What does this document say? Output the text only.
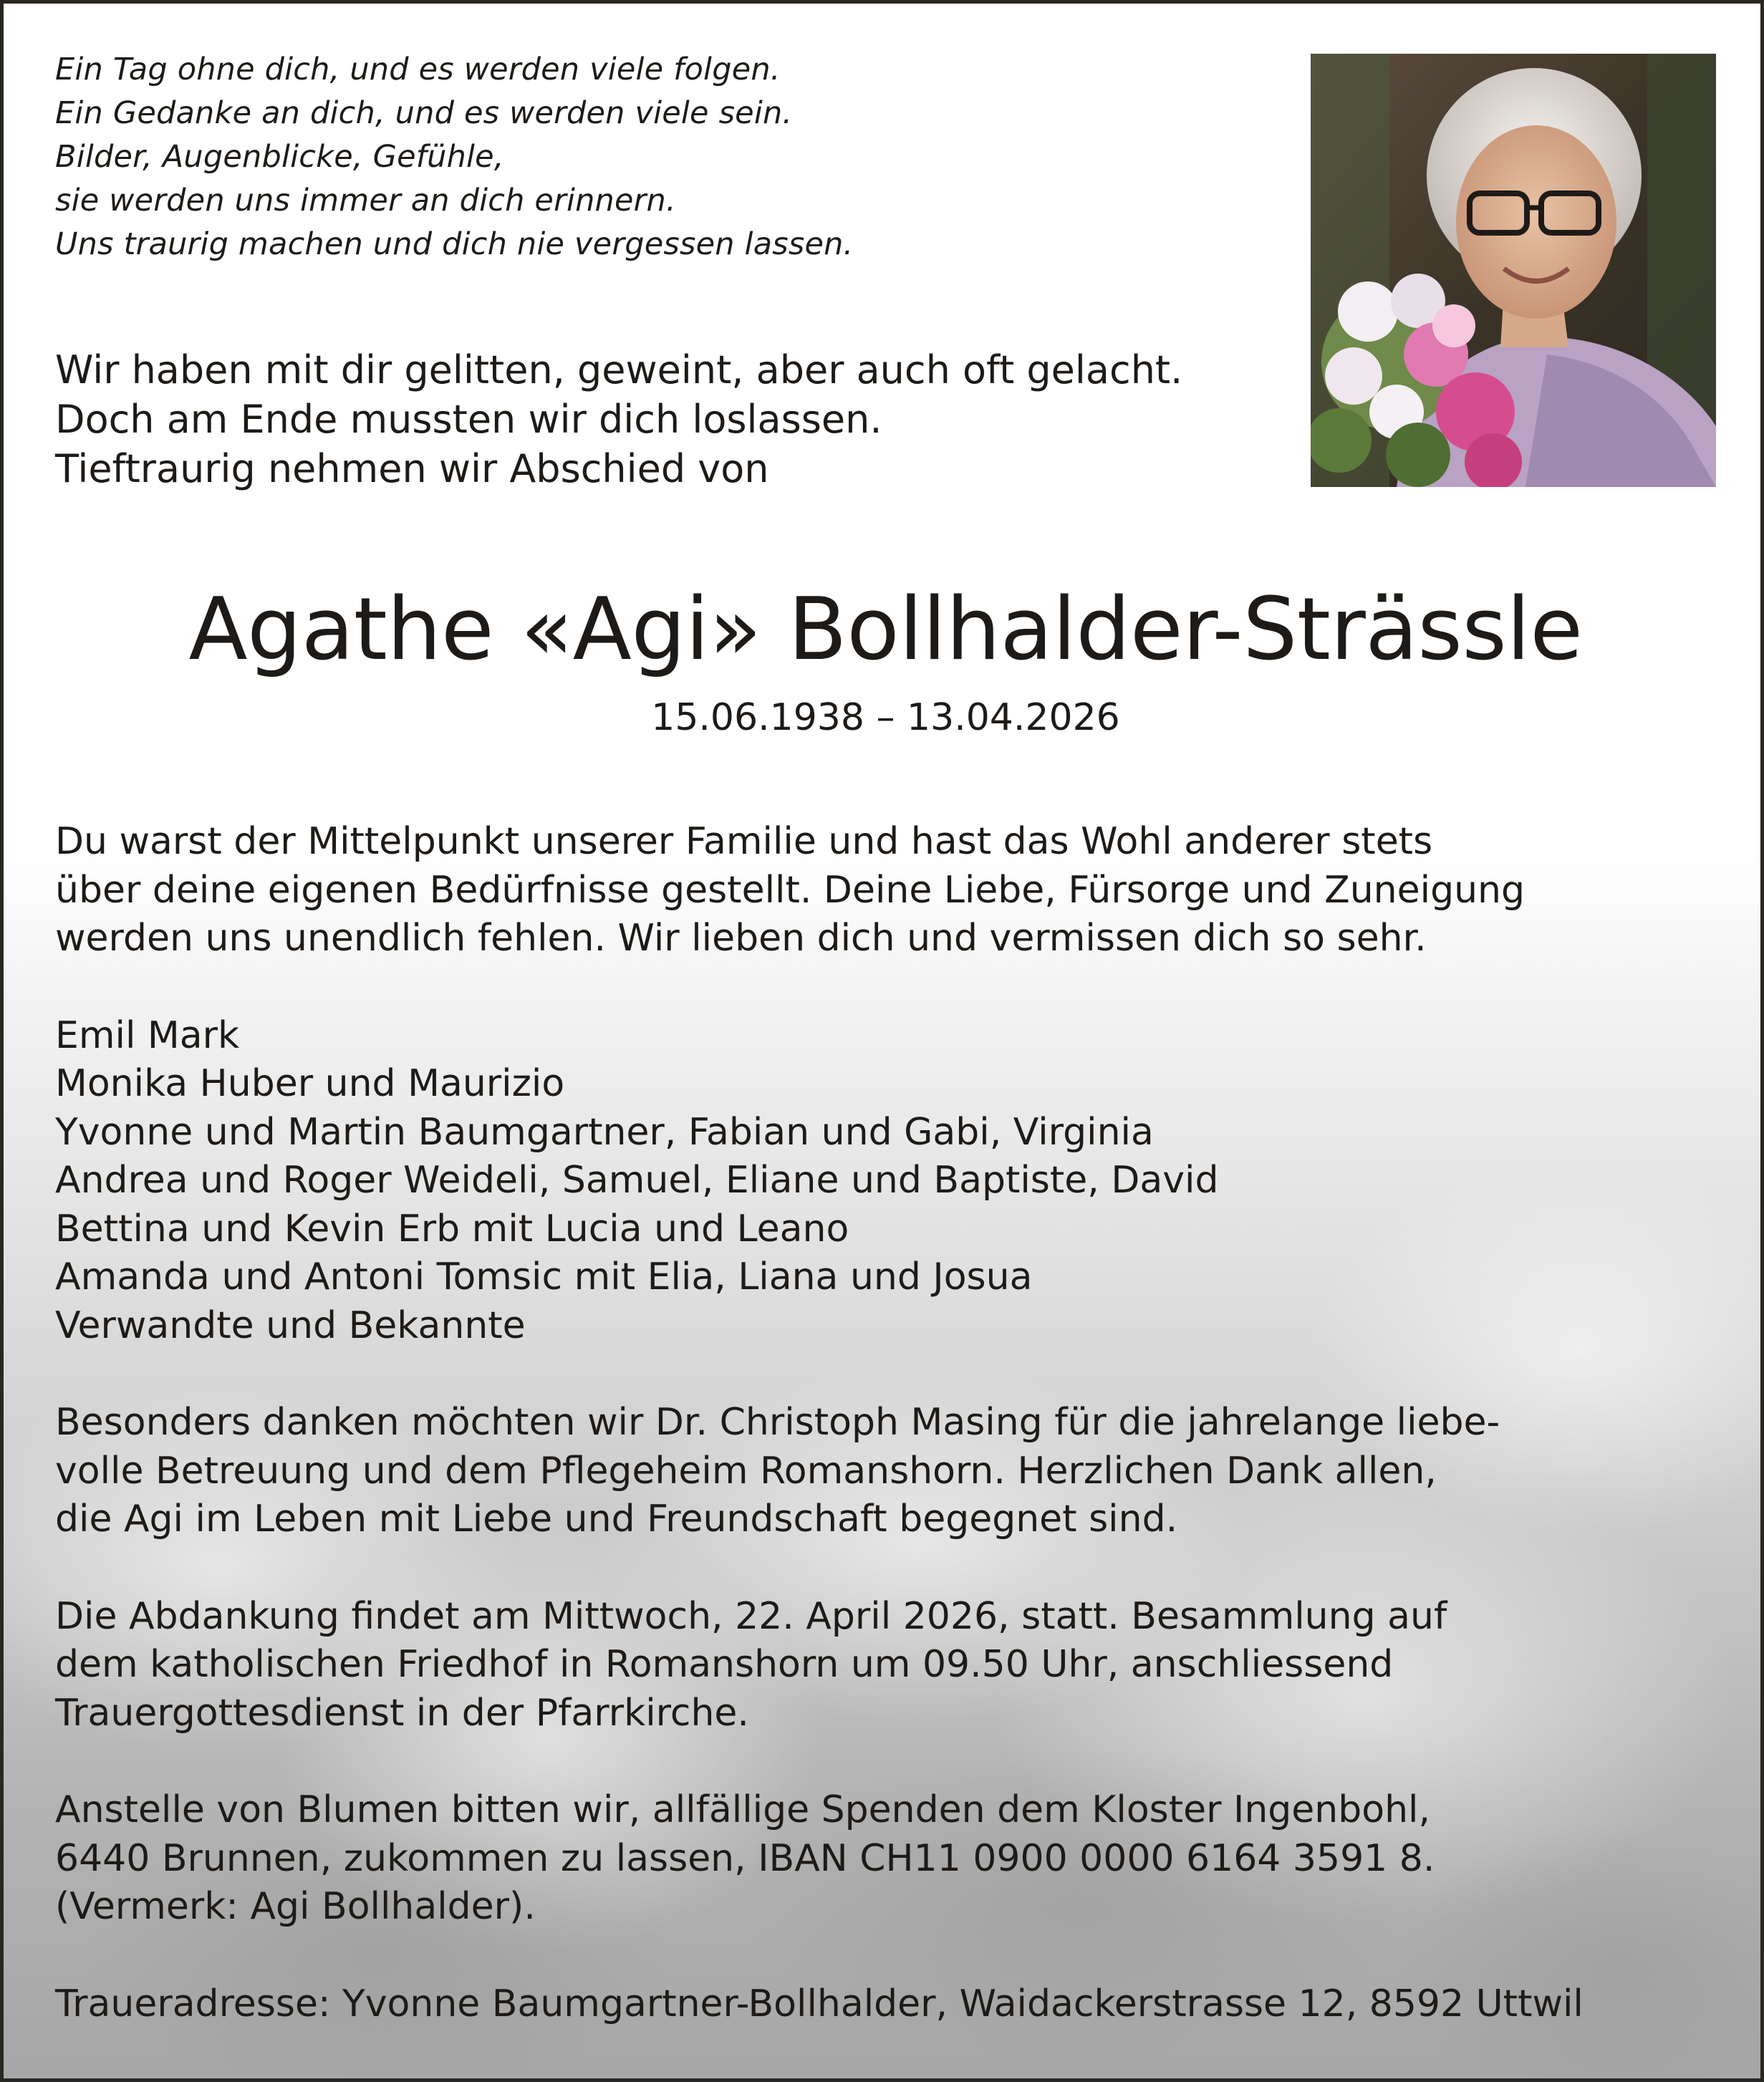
Ein Tag ohne dich, und es werden viele folgen.
Ein Gedanke an dich, und es werden viele sein.
Bilder, Augenblicke, Gefühle,
sie werden uns immer an dich erinnern.
Uns traurig machen und dich nie vergessen lassen.
Wir haben mit dir gelitten, geweint, aber auch oft gelacht.
Doch am Ende mussten wir dich loslassen.
Tieftraurig nehmen wir Abschied von
Agathe «Agi» Bollhalder-Strässle
15.06.1938 – 13.04.2026
Du warst der Mittelpunkt unserer Familie und hast das Wohl anderer stets
über deine eigenen Bedürfnisse gestellt. Deine Liebe, Fürsorge und Zuneigung
werden uns unendlich fehlen. Wir lieben dich und vermissen dich so sehr.
Emil Mark
Monika Huber und Maurizio
Yvonne und Martin Baumgartner, Fabian und Gabi, Virginia
Andrea und Roger Weideli, Samuel, Eliane und Baptiste, David
Bettina und Kevin Erb mit Lucia und Leano
Amanda und Antoni Tomsic mit Elia, Liana und Josua
Verwandte und Bekannte
Besonders danken möchten wir Dr. Christoph Masing für die jahrelange liebe-
volle Betreuung und dem Pflegeheim Romanshorn. Herzlichen Dank allen,
die Agi im Leben mit Liebe und Freundschaft begegnet sind.
Die Abdankung findet am Mittwoch, 22. April 2026, statt. Besammlung auf
dem katholischen Friedhof in Romanshorn um 09.50 Uhr, anschliessend
Trauergottesdienst in der Pfarrkirche.
Anstelle von Blumen bitten wir, allfällige Spenden dem Kloster Ingenbohl,
6440 Brunnen, zukommen zu lassen, IBAN CH11 0900 0000 6164 3591 8.
(Vermerk: Agi Bollhalder).
Traueradresse: Yvonne Baumgartner-Bollhalder, Waidackerstrasse 12, 8592 Uttwil
